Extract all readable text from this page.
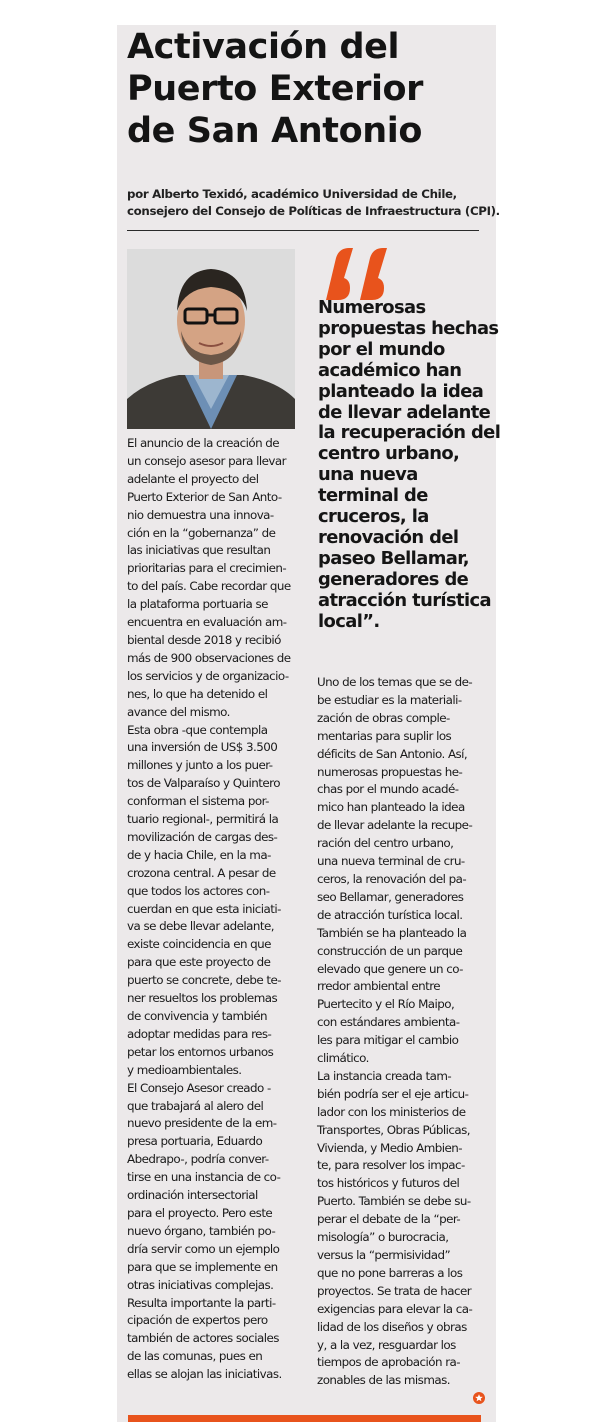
Activación del
Puerto Exterior
de San Antonio
por Alberto Texidó, académico Universidad de Chile,
consejero del Consejo de Políticas de Infraestructura (CPI).
Numerosas
propuestas hechas
por el mundo
académico han
planteado la idea
de llevar adelante
la recuperación del
centro urbano,
una nueva
terminal de
cruceros, la
renovación del
paseo Bellamar,
generadores de
atracción turística
local”.
El anuncio de la creación de
un consejo asesor para llevar
adelante el proyecto del
Puerto Exterior de San Anto-
nio demuestra una innova-
ción en la “gobernanza” de
las iniciativas que resultan
prioritarias para el crecimien-
to del país. Cabe recordar que
la plataforma portuaria se
encuentra en evaluación am-
biental desde 2018 y recibió
más de 900 observaciones de
los servicios y de organizacio-
nes, lo que ha detenido el
avance del mismo.
Esta obra -que contempla
una inversión de US$ 3.500
millones y junto a los puer-
tos de Valparaíso y Quintero
conforman el sistema por-
tuario regional-, permitirá la
movilización de cargas des-
de y hacia Chile, en la ma-
crozona central. A pesar de
que todos los actores con-
cuerdan en que esta iniciati-
va se debe llevar adelante,
existe coincidencia en que
para que este proyecto de
puerto se concrete, debe te-
ner resueltos los problemas
de convivencia y también
adoptar medidas para res-
petar los entornos urbanos
y medioambientales.
El Consejo Asesor creado -
que trabajará al alero del
nuevo presidente de la em-
presa portuaria, Eduardo
Abedrapo-, podría conver-
tirse en una instancia de co-
ordinación intersectorial
para el proyecto. Pero este
nuevo órgano, también po-
dría servir como un ejemplo
para que se implemente en
otras iniciativas complejas.
Resulta importante la parti-
cipación de expertos pero
también de actores sociales
de las comunas, pues en
ellas se alojan las iniciativas.
Uno de los temas que se de-
be estudiar es la materiali-
zación de obras comple-
mentarias para suplir los
déficits de San Antonio. Así,
numerosas propuestas he-
chas por el mundo acadé-
mico han planteado la idea
de llevar adelante la recupe-
ración del centro urbano,
una nueva terminal de cru-
ceros, la renovación del pa-
seo Bellamar, generadores
de atracción turística local.
También se ha planteado la
construcción de un parque
elevado que genere un co-
rredor ambiental entre
Puertecito y el Río Maipo,
con estándares ambienta-
les para mitigar el cambio
climático.
La instancia creada tam-
bién podría ser el eje articu-
lador con los ministerios de
Transportes, Obras Públicas,
Vivienda, y Medio Ambien-
te, para resolver los impac-
tos históricos y futuros del
Puerto. También se debe su-
perar el debate de la “per-
misología” o burocracia,
versus la “permisividad”
que no pone barreras a los
proyectos. Se trata de hacer
exigencias para elevar la ca-
lidad de los diseños y obras
y, a la vez, resguardar los
tiempos de aprobación ra-
zonables de las mismas.
